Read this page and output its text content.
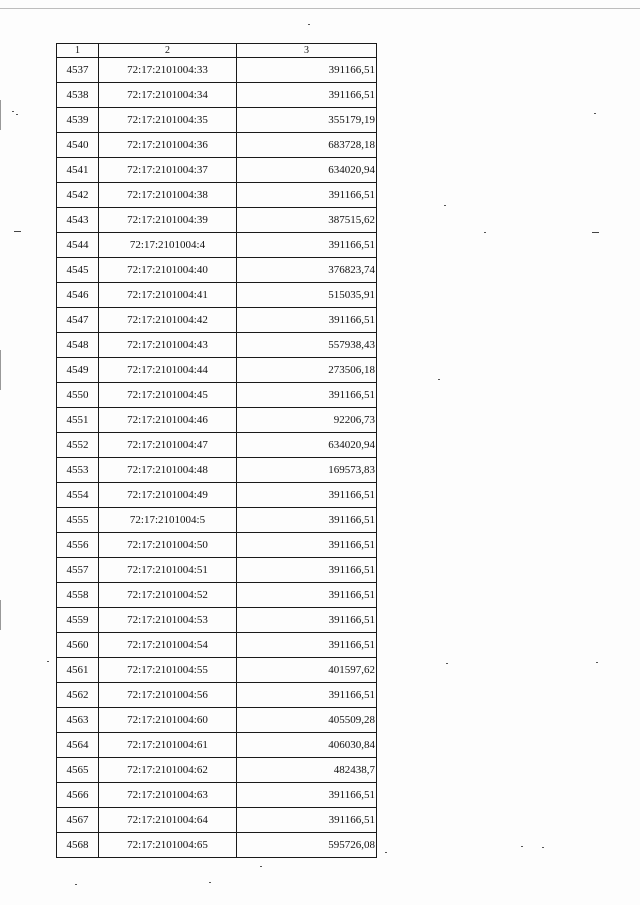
1	2	3
4537	72:17:2101004:33	391166,51
4538	72:17:2101004:34	391166,51
4539	72:17:2101004:35	355179,19
4540	72:17:2101004:36	683728,18
4541	72:17:2101004:37	634020,94
4542	72:17:2101004:38	391166,51
4543	72:17:2101004:39	387515,62
4544	72:17:2101004:4	391166,51
4545	72:17:2101004:40	376823,74
4546	72:17:2101004:41	515035,91
4547	72:17:2101004:42	391166,51
4548	72:17:2101004:43	557938,43
4549	72:17:2101004:44	273506,18
4550	72:17:2101004:45	391166,51
4551	72:17:2101004:46	92206,73
4552	72:17:2101004:47	634020,94
4553	72:17:2101004:48	169573,83
4554	72:17:2101004:49	391166,51
4555	72:17:2101004:5	391166,51
4556	72:17:2101004:50	391166,51
4557	72:17:2101004:51	391166,51
4558	72:17:2101004:52	391166,51
4559	72:17:2101004:53	391166,51
4560	72:17:2101004:54	391166,51
4561	72:17:2101004:55	401597,62
4562	72:17:2101004:56	391166,51
4563	72:17:2101004:60	405509,28
4564	72:17:2101004:61	406030,84
4565	72:17:2101004:62	482438,7
4566	72:17:2101004:63	391166,51
4567	72:17:2101004:64	391166,51
4568	72:17:2101004:65	595726,08
